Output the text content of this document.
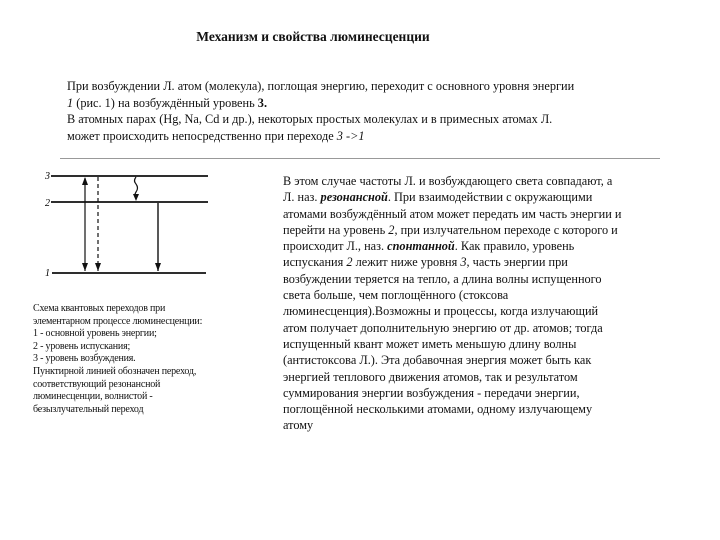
Механизм и свойства люминесценции
При возбуждении Л. атом (молекула), поглощая энергию, переходит с основного уровня энергии
1 (рис. 1) на возбуждённый уровень 3.
В атомных парах (Hg, Na, Cd и др.), некоторых простых молекулах и в примесных атомах Л.
может происходить непосредственно при переходе 3 ->1
3
2
1
Схема квантовых переходов при
элементарном процессе люминесценции:
1 - основной уровень энергии;
2 - уровень испускания;
3 - уровень возбуждения.
Пунктирной линией обозначен переход,
соответствующий резонансной
люминесценции, волнистой -
безызлучательный переход
В этом случае частоты Л. и возбуждающего света совпадают, а
Л. наз. резонансной. При взаимодействии с окружающими
атомами возбуждённый атом может передать им часть энергии и
перейти на уровень 2, при излучательном переходе с которого и
происходит Л., наз. спонтанной. Как правило, уровень
испускания 2 лежит ниже уровня 3, часть энергии при
возбуждении теряется на тепло, а длина волны испущенного
света больше, чем поглощённого (стоксова
люминесценция).Возможны и процессы, когда излучающий
атом получает дополнительную энергию от др. атомов; тогда
испущенный квант может иметь меньшую длину волны
(антистоксова Л.). Эта добавочная энергия может быть как
энергией теплового движения атомов, так и результатом
суммирования энергии возбуждения - передачи энергии,
поглощённой несколькими атомами, одному излучающему
атому
